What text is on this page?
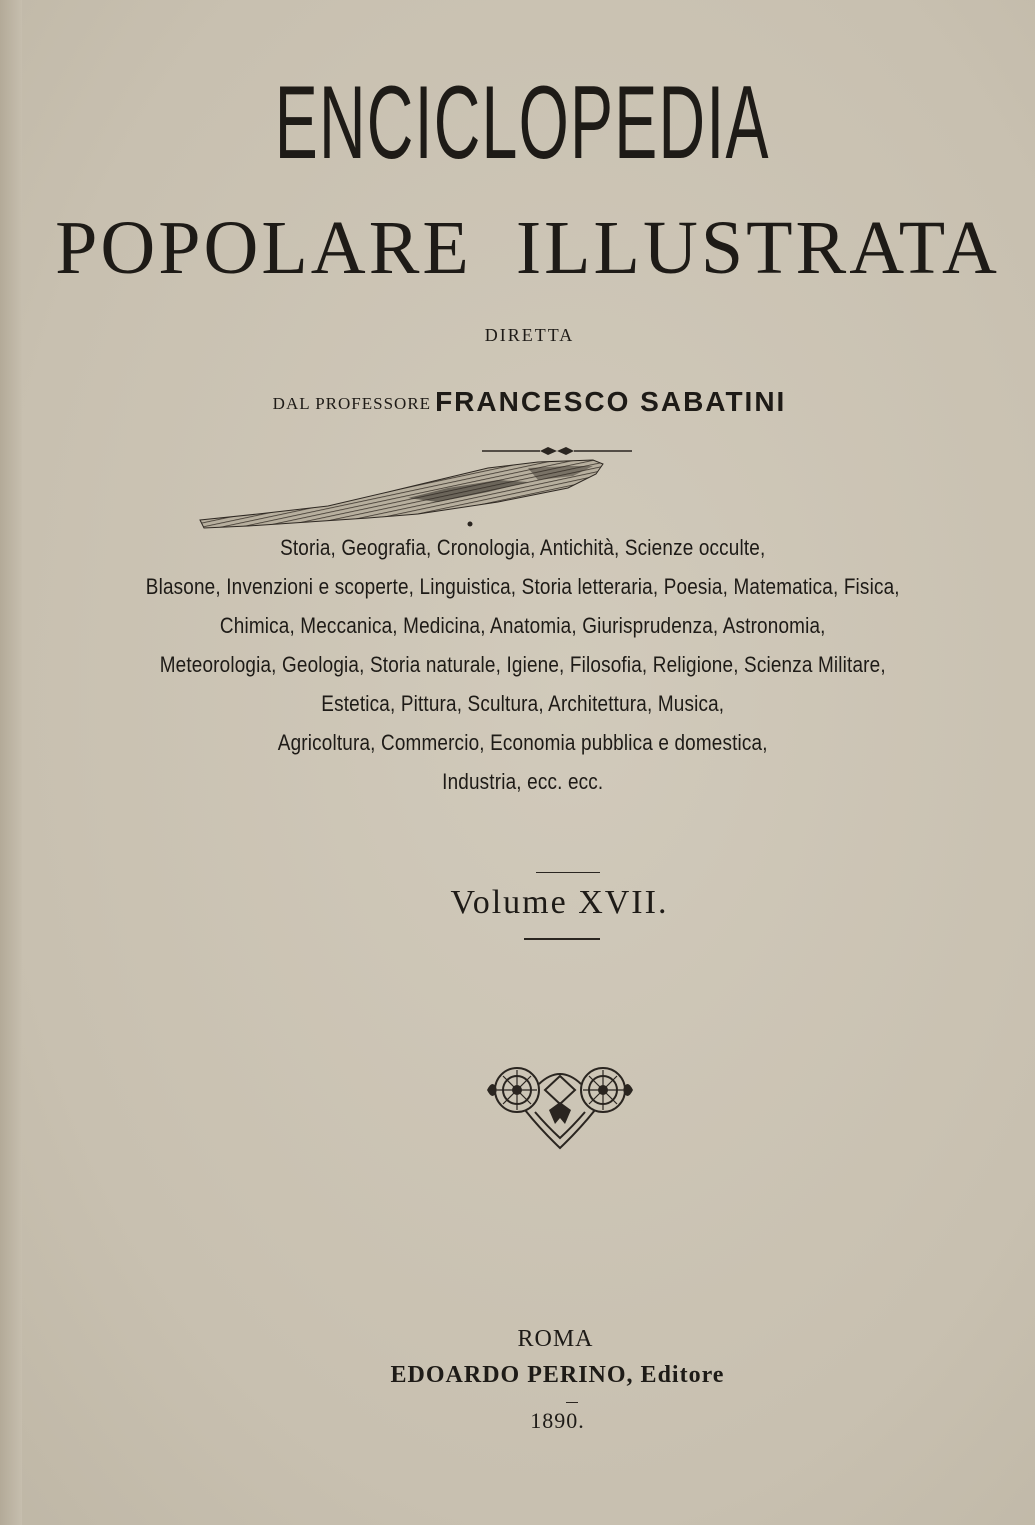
ENCICLOPEDIA
POPOLARE ILLUSTRATA
DIRETTA
DAL PROFESSORE FRANCESCO SABATINI
Storia, Geografia, Cronologia, Antichità, Scienze occulte,
Blasone, Invenzioni e scoperte, Linguistica, Storia letteraria, Poesia, Matematica, Fisica,
Chimica, Meccanica, Medicina, Anatomia, Giurisprudenza, Astronomia,
Meteorologia, Geologia, Storia naturale, Igiene, Filosofia, Religione, Scienza Militare,
Estetica, Pittura, Scultura, Architettura, Musica,
Agricoltura, Commercio, Economia pubblica e domestica,
Industria, ecc. ecc.
Volume XVII.
ROMA
EDOARDO PERINO, Editore
1890.
